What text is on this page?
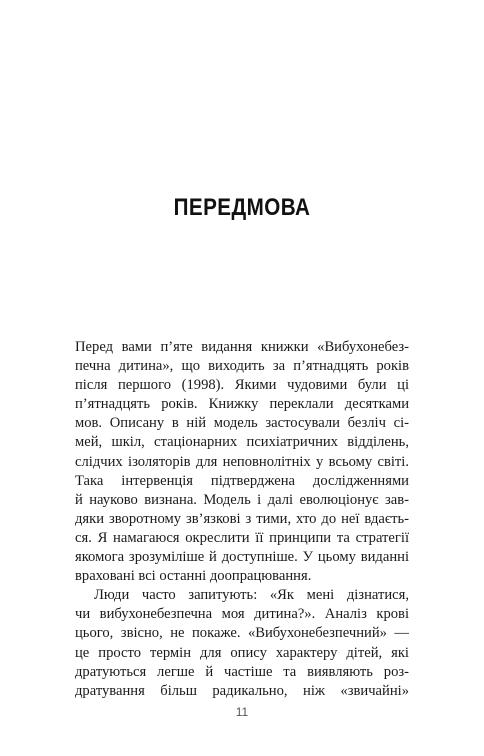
ПЕРЕДМОВА
Перед вами п’яте видання книжки «Вибухонебез-
печна дитина», що виходить за п’ятнадцять років
після першого (1998). Якими чудовими були ці
п’ятнадцять років. Книжку переклали десятками
мов. Описану в ній модель застосували безліч сі-
мей, шкіл, стаціонарних психіатричних відділень,
слідчих ізоляторів для неповнолітніх у всьому світі.
Така інтервенція підтверджена дослідженнями
й науково визнана. Модель і далі еволюціонує зав-
дяки зворотному зв’язкові з тими, хто до неї вдаєть-
ся. Я намагаюся окреслити її принципи та стратегії
якомога зрозуміліше й доступніше. У цьому виданні
враховані всі останні доопрацювання.
Люди часто запитують: «Як мені дізнатися,
чи вибухонебезпечна моя дитина?». Аналіз крові
цього, звісно, не покаже. «Вибухонебезпечний» —
це просто термін для опису характеру дітей, які
дратуються легше й частіше та виявляють роз-
дратування більш радикально, ніж «звичайні»
11
